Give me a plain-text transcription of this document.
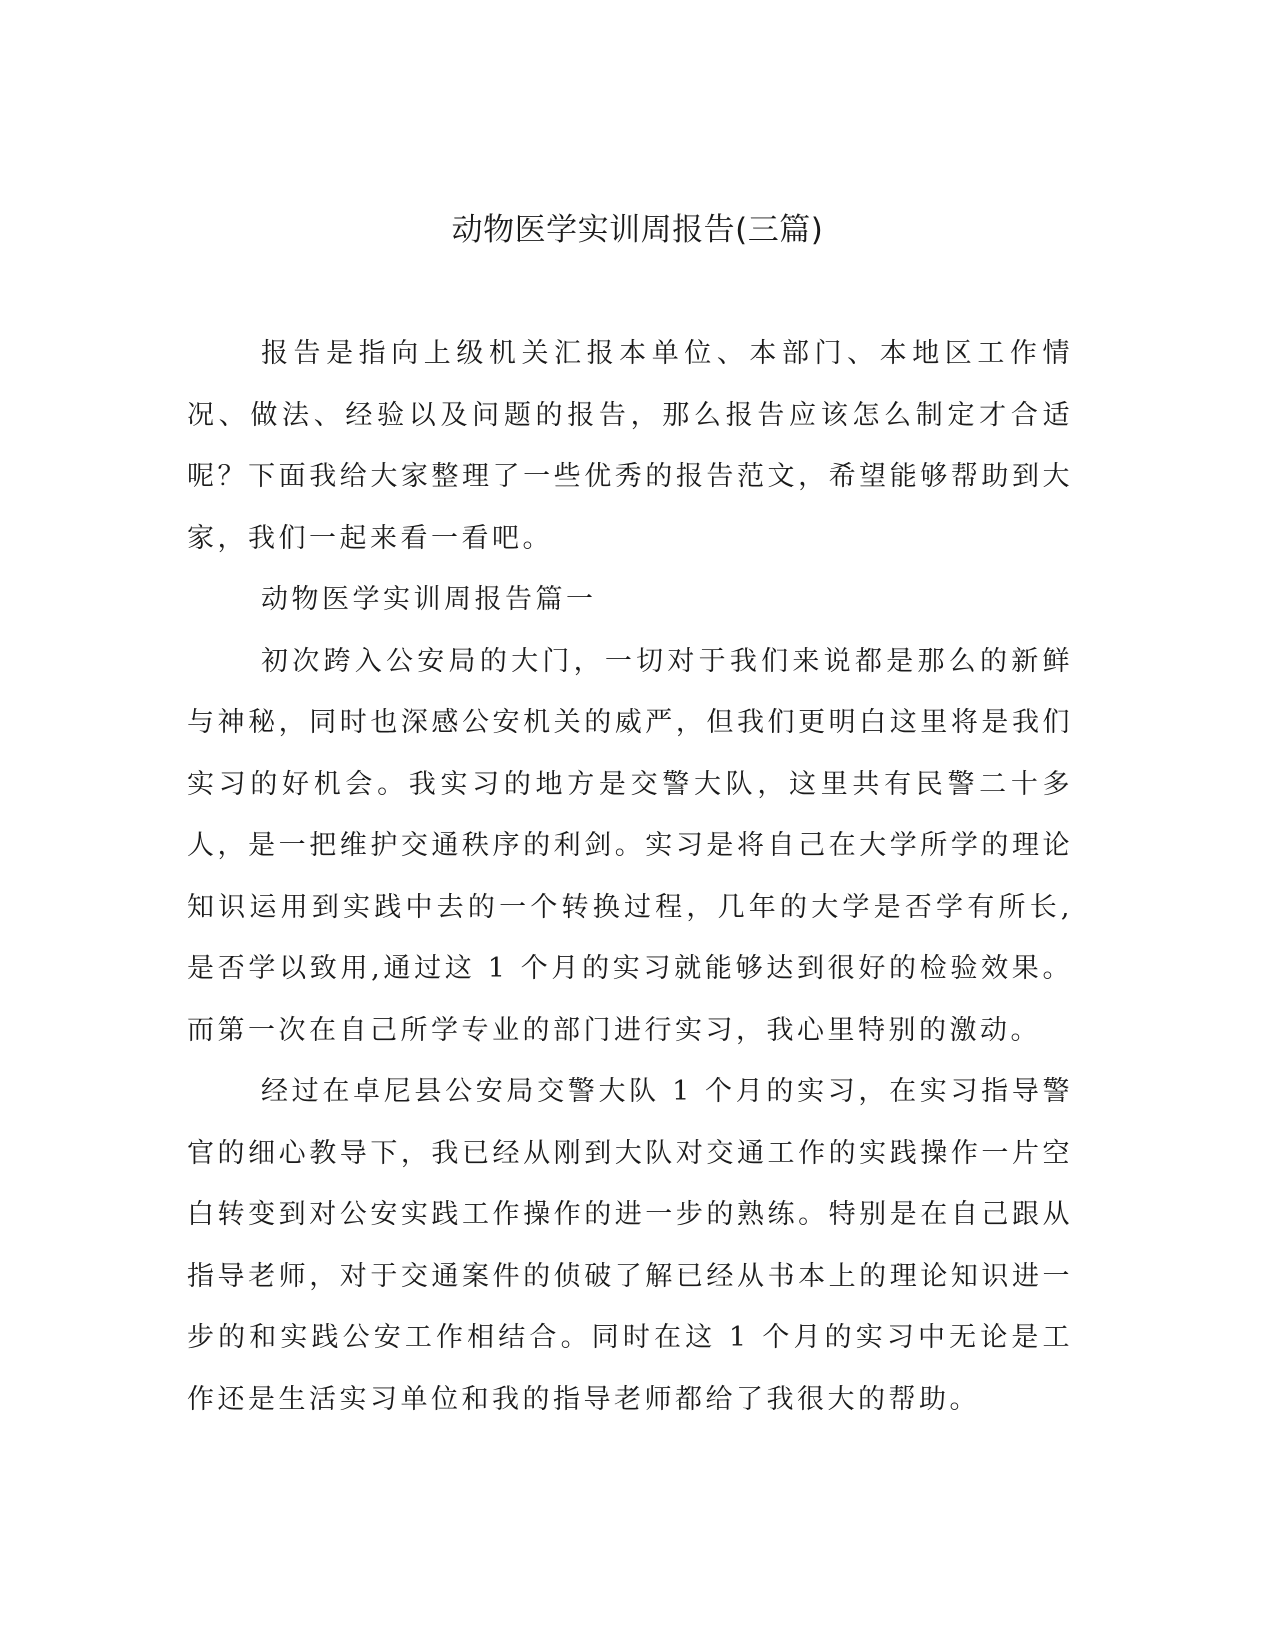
动物医学实训周报告(三篇)

报告是指向上级机关汇报本单位、本部门、本地区工作情况、做法、经验以及问题的报告，那么报告应该怎么制定才合适呢？下面我给大家整理了一些优秀的报告范文，希望能够帮助到大家，我们一起来看一看吧。

动物医学实训周报告篇一

初次跨入公安局的大门，一切对于我们来说都是那么的新鲜与神秘，同时也深感公安机关的威严，但我们更明白这里将是我们实习的好机会。我实习的地方是交警大队，这里共有民警二十多人，是一把维护交通秩序的利剑。实习是将自己在大学所学的理论知识运用到实践中去的一个转换过程，几年的大学是否学有所长,是否学以致用,通过这 1 个月的实习就能够达到很好的检验效果。而第一次在自己所学专业的部门进行实习，我心里特别的激动。

经过在卓尼县公安局交警大队 1 个月的实习，在实习指导警官的细心教导下，我已经从刚到大队对交通工作的实践操作一片空白转变到对公安实践工作操作的进一步的熟练。特别是在自己跟从指导老师，对于交通案件的侦破了解已经从书本上的理论知识进一步的和实践公安工作相结合。同时在这 1 个月的实习中无论是工作还是生活实习单位和我的指导老师都给了我很大的帮助。
